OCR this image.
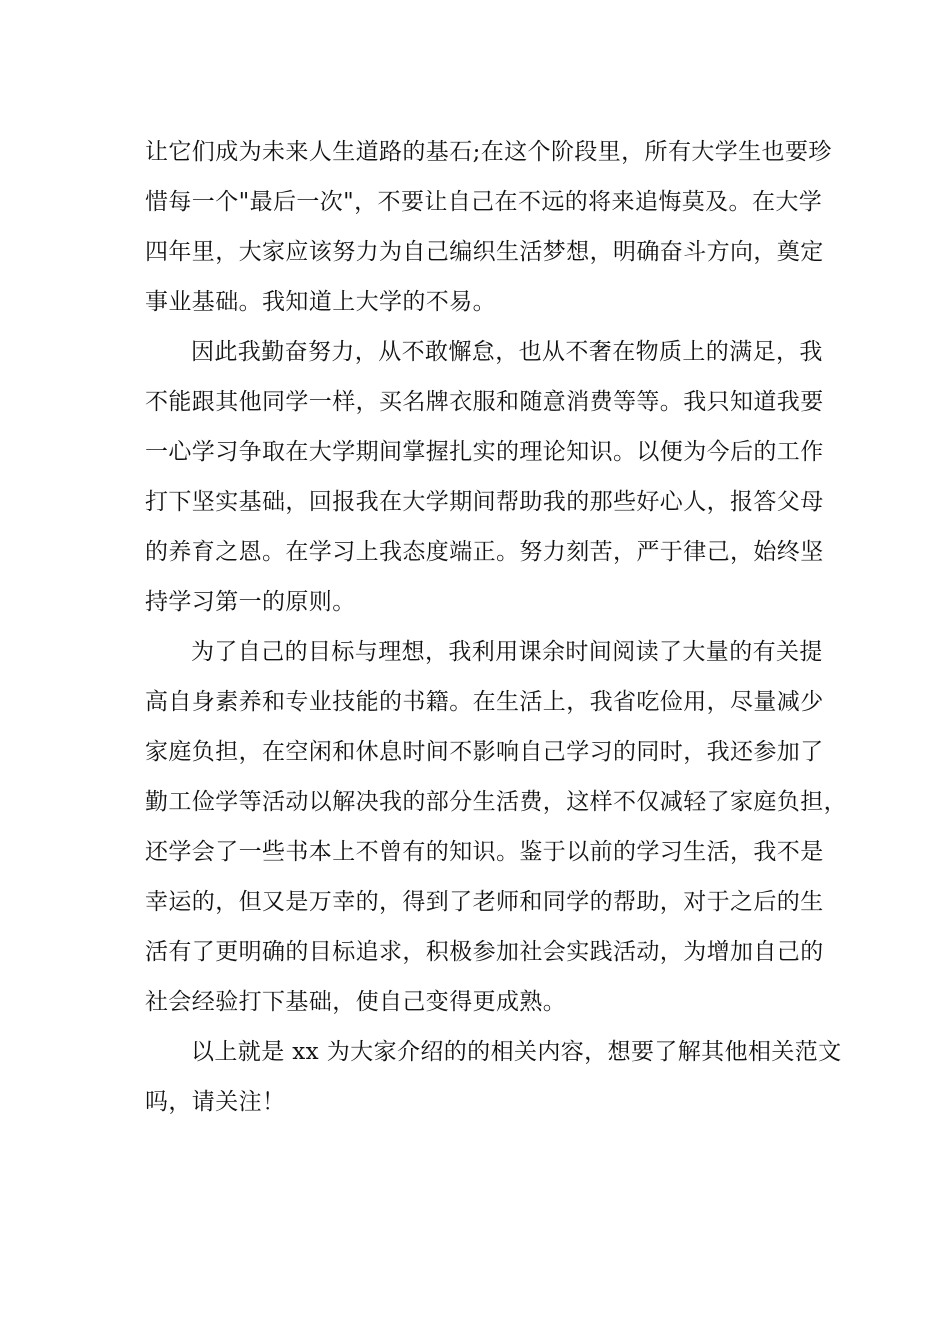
让它们成为未来人生道路的基石;在这个阶段里，所有大学生也要珍
惜每一个"最后一次"，不要让自己在不远的将来追悔莫及。在大学
四年里，大家应该努力为自己编织生活梦想，明确奋斗方向，奠定
事业基础。我知道上大学的不易。
因此我勤奋努力，从不敢懈怠，也从不奢在物质上的满足，我
不能跟其他同学一样，买名牌衣服和随意消费等等。我只知道我要
一心学习争取在大学期间掌握扎实的理论知识。以便为今后的工作
打下坚实基础，回报我在大学期间帮助我的那些好心人，报答父母
的养育之恩。在学习上我态度端正。努力刻苦，严于律己，始终坚
持学习第一的原则。
为了自己的目标与理想，我利用课余时间阅读了大量的有关提
高自身素养和专业技能的书籍。在生活上，我省吃俭用，尽量减少
家庭负担，在空闲和休息时间不影响自己学习的同时，我还参加了
勤工俭学等活动以解决我的部分生活费，这样不仅减轻了家庭负担，
还学会了一些书本上不曾有的知识。鉴于以前的学习生活，我不是
幸运的，但又是万幸的，得到了老师和同学的帮助，对于之后的生
活有了更明确的目标追求，积极参加社会实践活动，为增加自己的
社会经验打下基础，使自己变得更成熟。
以上就是 xx 为大家介绍的的相关内容，想要了解其他相关范文
吗，请关注！
